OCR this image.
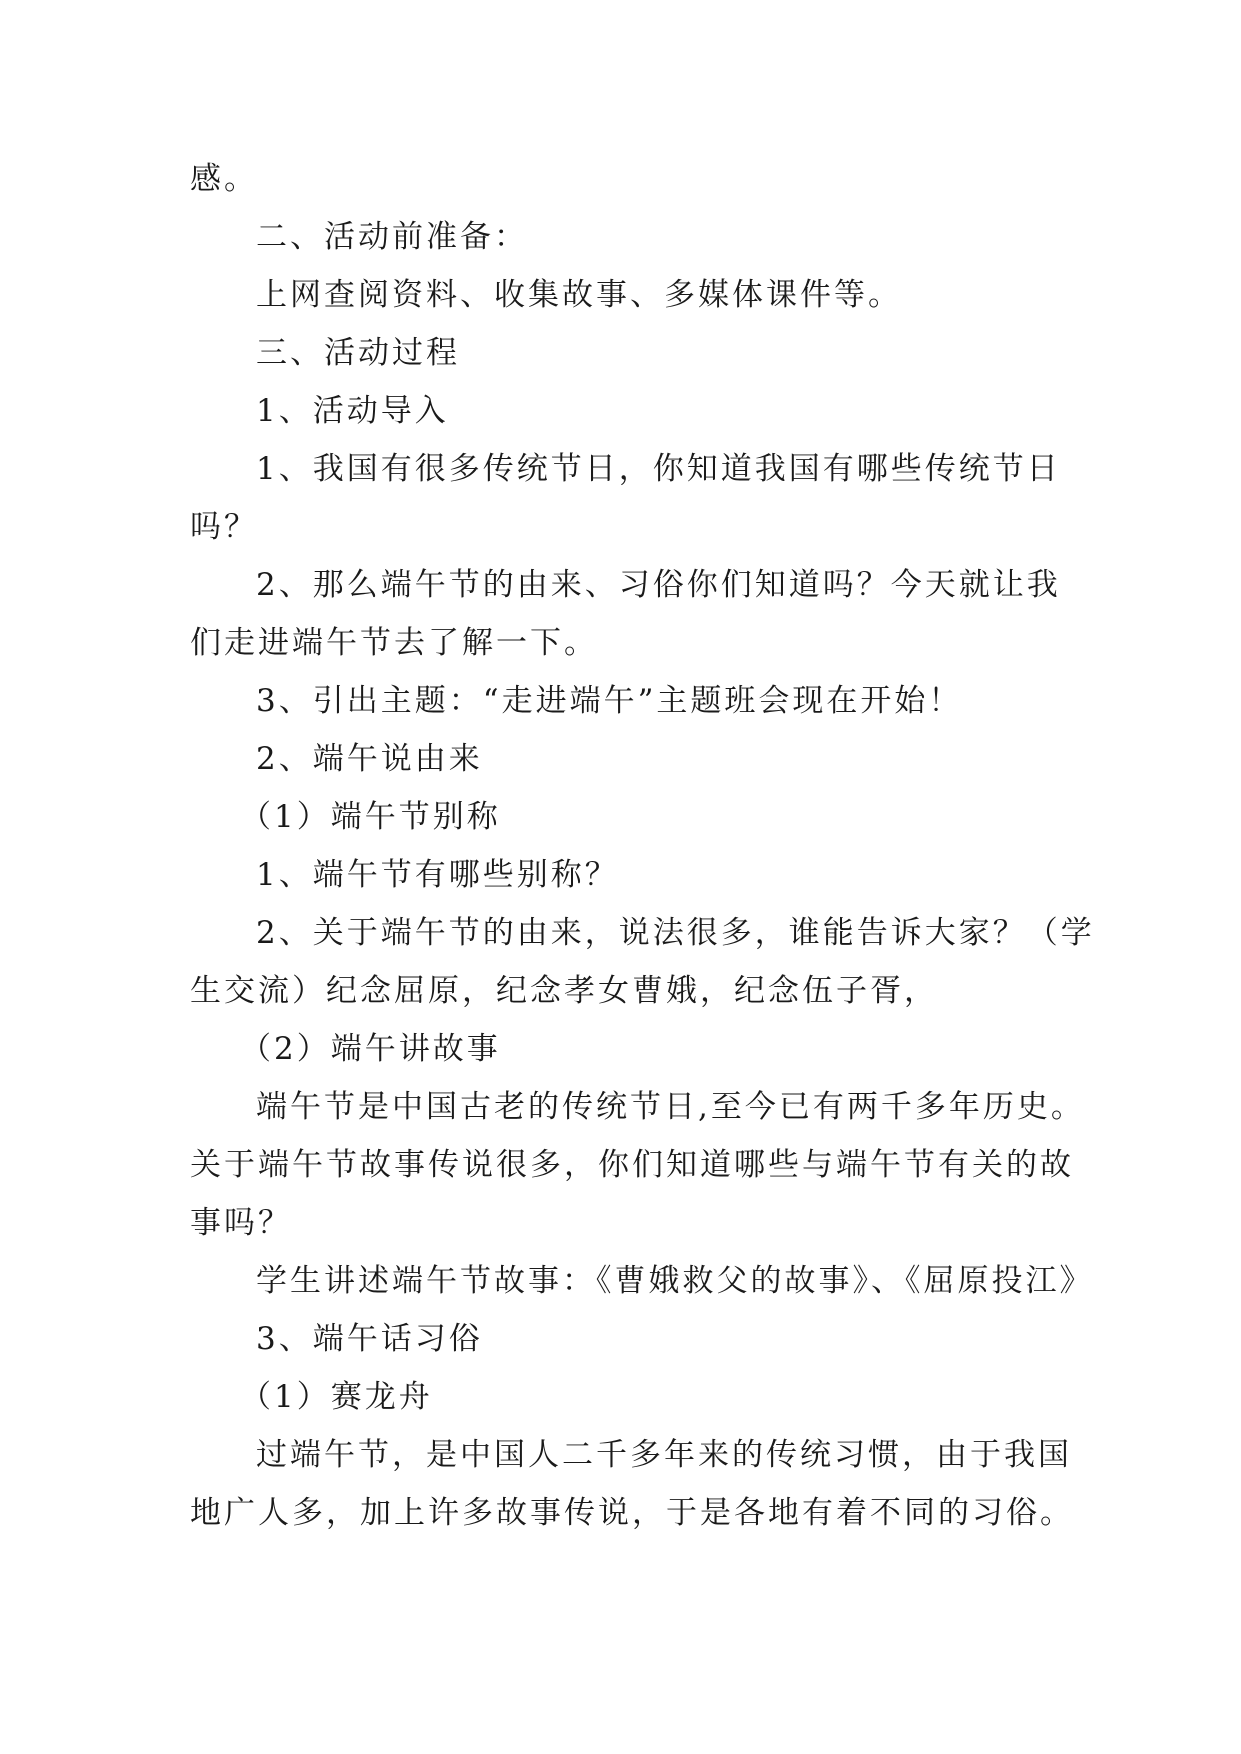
感。
二、活动前准备：
上网查阅资料、收集故事、多媒体课件等。
三、活动过程
1、活动导入
1、我国有很多传统节日，你知道我国有哪些传统节日
吗？
2、那么端午节的由来、习俗你们知道吗？今天就让我
们走进端午节去了解一下。
3、引出主题：“走进端午”主题班会现在开始！
2、端午说由来
（1）端午节别称
1、端午节有哪些别称？
2、关于端午节的由来，说法很多，谁能告诉大家？（学
生交流）纪念屈原，纪念孝女曹娥，纪念伍子胥，
（2）端午讲故事
端午节是中国古老的传统节日,至今已有两千多年历史。
关于端午节故事传说很多，你们知道哪些与端午节有关的故
事吗？
学生讲述端午节故事：《曹娥救父的故事》、《屈原投江》
3、端午话习俗
（1）赛龙舟
过端午节，是中国人二千多年来的传统习惯，由于我国
地广人多，加上许多故事传说，于是各地有着不同的习俗。
